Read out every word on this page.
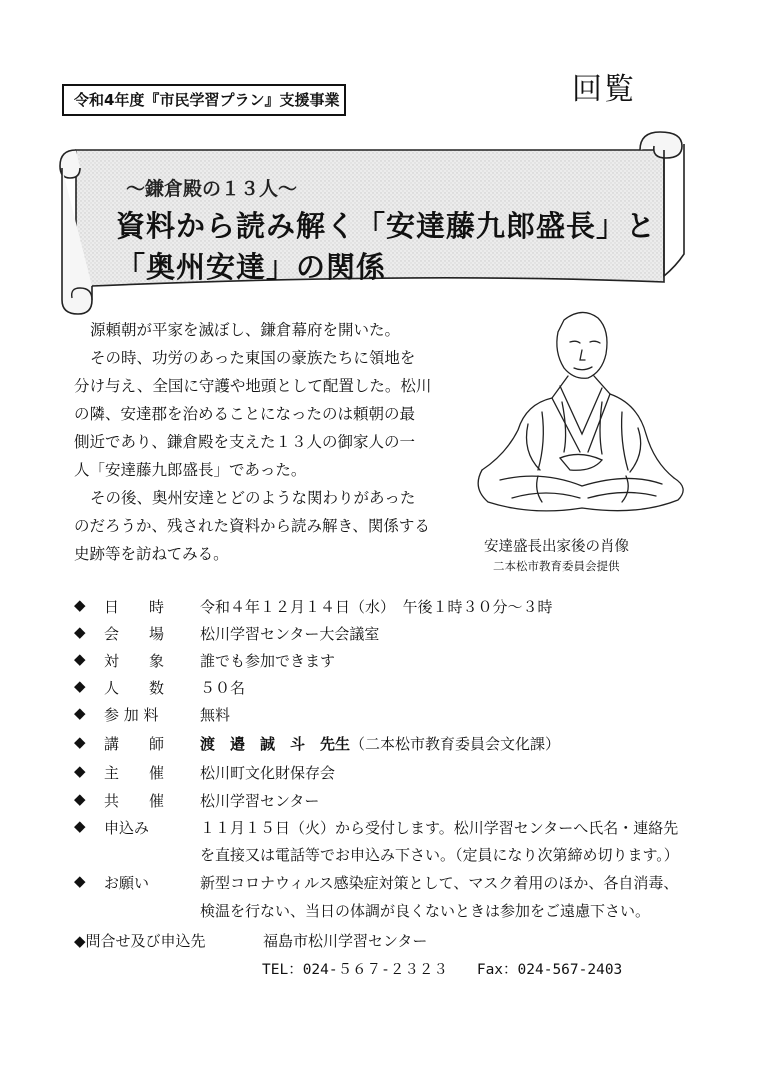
令和4年度『市民学習プラン』支援事業	回覧
～鎌倉殿の１３人～
資料から読み解く「安達藤九郎盛長」と
「奥州安達」の関係
源頼朝が平家を滅ぼし、鎌倉幕府を開いた。
その時、功労のあった東国の豪族たちに領地を
分け与え、全国に守護や地頭として配置した。松川
の隣、安達郡を治めることになったのは頼朝の最
側近であり、鎌倉殿を支えた１３人の御家人の一
人「安達藤九郎盛長」であった。
その後、奥州安達とどのような関わりがあった
のだろうか、残された資料から読み解き、関係する
史跡等を訪ねてみる。	安達盛長出家後の肖像
二本松市教育委員会提供
◆ 日　　時 令和４年１２月１４日（水）　午後１時３０分～３時
◆ 会　　場 松川学習センター大会議室
◆ 対　　象 誰でも参加できます
◆ 人　　数 ５０名
◆ 参 加 料	無料
◆ 講　　師 渡　邉　誠　斗　先生（二本松市教育委員会文化課）
◆ 主　　催 松川町文化財保存会
◆ 共　　催 松川学習センター
◆ 申込み	１１月１５日（火）から受付します。松川学習センターへ氏名・連絡先
を直接又は電話等でお申込み下さい。（定員になり次第締め切ります。）
◆ お願い	新型コロナウィルス感染症対策として、マスク着用のほか、各自消毒、
検温を行ない、当日の体調が良くないときは参加をご遠慮下さい。
◆問合せ及び申込先	福島市松川学習センター
TEL：024-５６７-２３２３　　Fax：024-567-2403
